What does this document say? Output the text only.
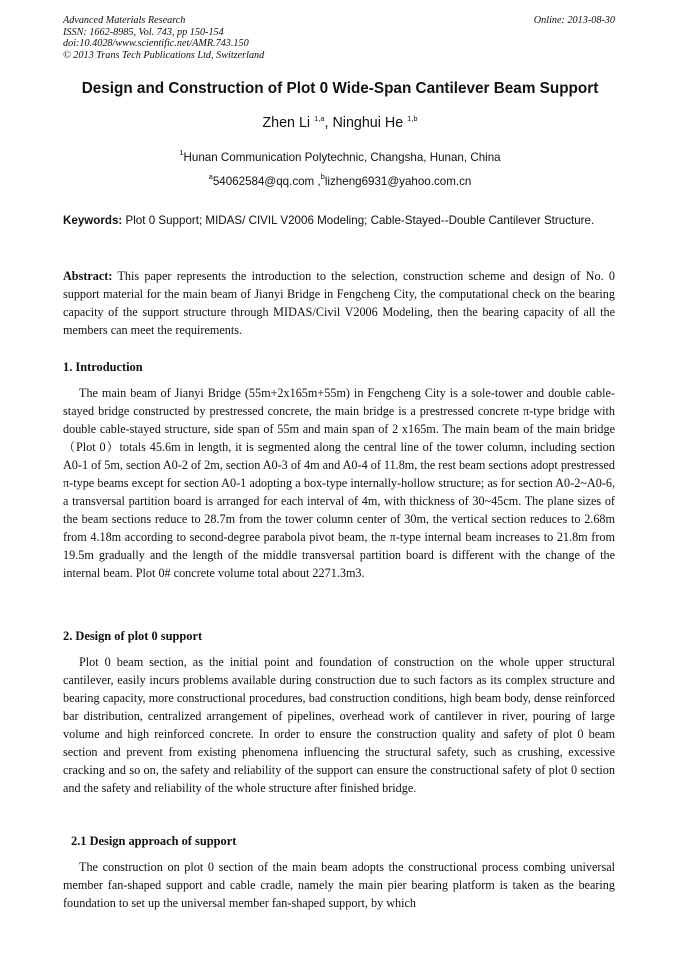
Advanced Materials Research	Online: 2013-08-30
ISSN: 1662-8985, Vol. 743, pp 150-154
doi:10.4028/www.scientific.net/AMR.743.150
© 2013 Trans Tech Publications Ltd, Switzerland
Design and Construction of Plot 0 Wide-Span Cantilever Beam Support
Zhen Li $^{1,a}$, Ninghui He $^{1,b}$
$^1$Hunan Communication Polytechnic, Changsha, Hunan, China
$^a$54062584@qq.com ,$^b$lizheng6931@yahoo.com.cn
Keywords: Plot 0 Support; MIDAS/ CIVIL V2006 Modeling; Cable-Stayed--Double Cantilever Structure.
Abstract: This paper represents the introduction to the selection, construction scheme and design of No. 0 support material for the main beam of Jianyi Bridge in Fengcheng City, the computational check on the bearing capacity of the support structure through MIDAS/Civil V2006 Modeling, then the bearing capacity of all the members can meet the requirements.
1. Introduction
The main beam of Jianyi Bridge (55m+2x165m+55m) in Fengcheng City is a sole-tower and double cable-stayed bridge constructed by prestressed concrete, the main bridge is a prestressed concrete π-type bridge with double cable-stayed structure, side span of 55m and main span of 2 x165m. The main beam of the main bridge（Plot 0）totals 45.6m in length, it is segmented along the central line of the tower column, including section A0-1 of 5m, section A0-2 of 2m, section A0-3 of 4m and A0-4 of 11.8m, the rest beam sections adopt prestressed π-type beams except for section A0-1 adopting a box-type internally-hollow structure; as for section A0-2~A0-6, a transversal partition board is arranged for each interval of 4m, with thickness of 30~45cm. The plane sizes of the beam sections reduce to 28.7m from the tower column center of 30m, the vertical section reduces to 2.68m from 4.18m according to second-degree parabola pivot beam, the π-type internal beam increases to 21.8m from 19.5m gradually and the length of the middle transversal partition board is different with the change of the internal beam. Plot 0# concrete volume total about 2271.3m3.
2. Design of plot 0 support
Plot 0 beam section, as the initial point and foundation of construction on the whole upper structural cantilever, easily incurs problems available during construction due to such factors as its complex structure and bearing capacity, more constructional procedures, bad construction conditions, high beam body, dense reinforced bar distribution, centralized arrangement of pipelines, overhead work of cantilever in river, pouring of large volume and high reinforced concrete. In order to ensure the construction quality and safety of plot 0 beam section and prevent from existing phenomena influencing the structural safety, such as crushing, excessive cracking and so on, the safety and reliability of the support can ensure the constructional safety of plot 0 section and the safety and reliability of the whole structure after finished bridge.
2.1 Design approach of support
The construction on plot 0 section of the main beam adopts the constructional process combing universal member fan-shaped support and cable cradle, namely the main pier bearing platform is taken as the bearing foundation to set up the universal member fan-shaped support, by which
